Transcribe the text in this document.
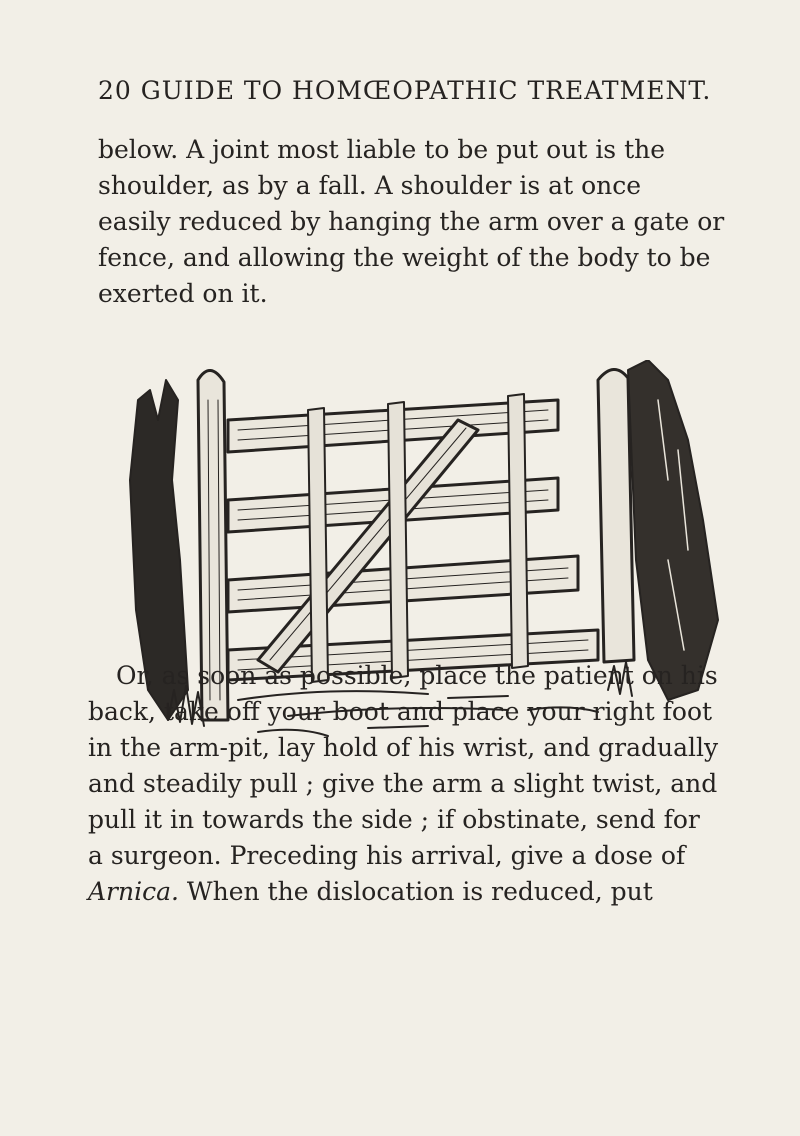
20 GUIDE TO HOMŒOPATHIC TREATMENT.
below. A joint most liable to be put out is the
shoulder, as by a fall. A shoulder is at once
easily reduced by hanging the arm over a gate or
fence, and allowing the weight of the body to be
exerted on it.
Or, as soon as possible, place the patient on his
back, take off your boot and place your right foot
in the arm-pit, lay hold of his wrist, and gradually
and steadily pull ; give the arm a slight twist, and
pull it in towards the side ; if obstinate, send for
a surgeon. Preceding his arrival, give a dose of
Arnica. When the dislocation is reduced, put
